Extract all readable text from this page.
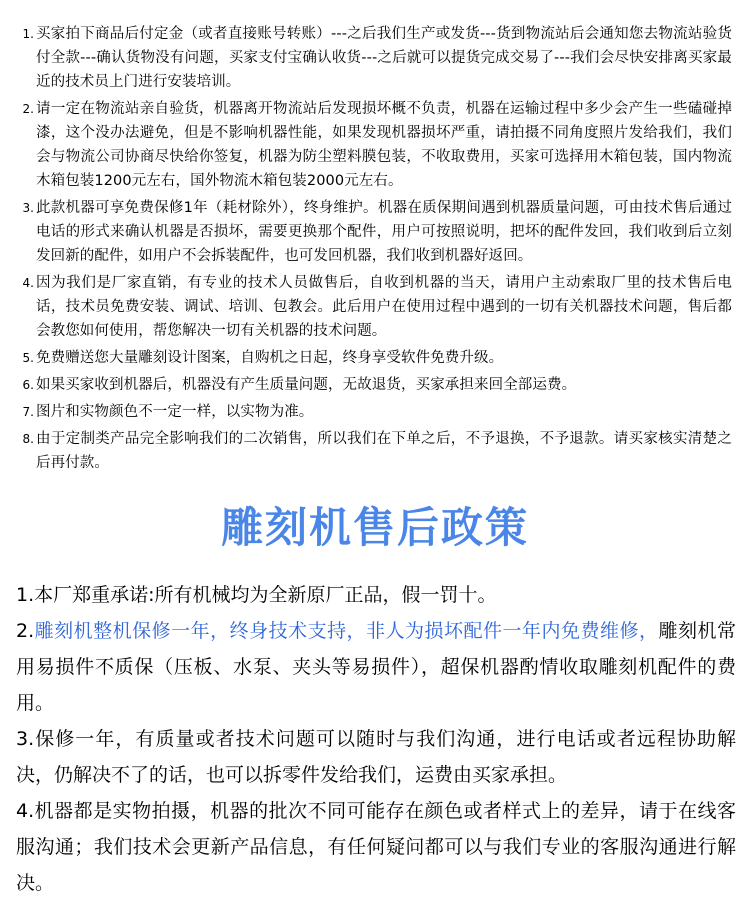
1. 买家拍下商品后付定金（或者直接账号转账）---之后我们生产或发货---货到物流站后会通知您去物流站验货付全款---确认货物没有问题，买家支付宝确认收货---之后就可以提货完成交易了---我们会尽快安排离买家最近的技术员上门进行安装培训。
2. 请一定在物流站亲自验货，机器离开物流站后发现损坏概不负责，机器在运输过程中多少会产生一些磕碰掉漆，这个没办法避免，但是不影响机器性能，如果发现机器损坏严重，请拍摄不同角度照片发给我们，我们会与物流公司协商尽快给你签复，机器为防尘塑料膜包装，不收取费用，买家可选择用木箱包装，国内物流木箱包装1200元左右，国外物流木箱包装2000元左右。
3. 此款机器可享免费保修1年（耗材除外），终身维护。机器在质保期间遇到机器质量问题，可由技术售后通过电话的形式来确认机器是否损坏，需要更换那个配件，用户可按照说明，把坏的配件发回，我们收到后立刻发回新的配件，如用户不会拆装配件，也可发回机器，我们收到机器好返回。
4. 因为我们是厂家直销，有专业的技术人员做售后，自收到机器的当天，请用户主动索取厂里的技术售后电话，技术员免费安装、调试、培训、包教会。此后用户在使用过程中遇到的一切有关机器技术问题，售后都会教您如何使用，帮您解决一切有关机器的技术问题。
5. 免费赠送您大量雕刻设计图案，自购机之日起，终身享受软件免费升级。
6. 如果买家收到机器后，机器没有产生质量问题，无故退货，买家承担来回全部运费。
7. 图片和实物颜色不一定一样，以实物为准。
8. 由于定制类产品完全影响我们的二次销售，所以我们在下单之后，不予退换，不予退款。请买家核实清楚之后再付款。
雕刻机售后政策
1.本厂郑重承诺:所有机械均为全新原厂正品，假一罚十。
2.雕刻机整机保修一年，终身技术支持，非人为损坏配件一年内免费维修，雕刻机常用易损件不质保（压板、水泵、夹头等易损件），超保机器酌情收取雕刻机配件的费用。
3.保修一年，有质量或者技术问题可以随时与我们沟通，进行电话或者远程协助解决，仍解决不了的话，也可以拆零件发给我们，运费由买家承担。
4.机器都是实物拍摄，机器的批次不同可能存在颜色或者样式上的差异，请于在线客服沟通；我们技术会更新产品信息，有任何疑问都可以与我们专业的客服沟通进行解决。
